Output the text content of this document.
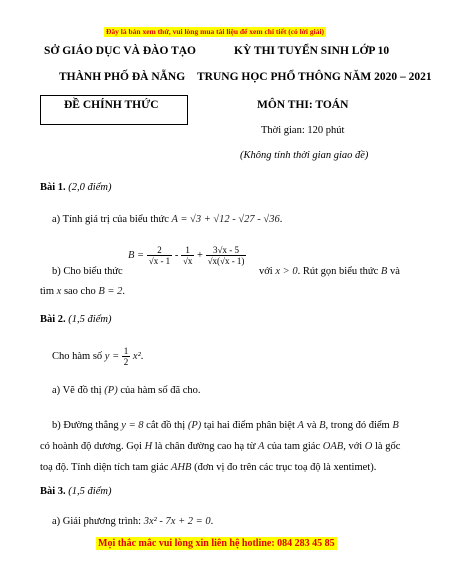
Đây là bản xem thử, vui lòng mua tài liệu để xem chi tiết (có lời giải)
SỞ GIÁO DỤC VÀ ĐÀO TẠO
THÀNH PHỐ ĐÀ NẴNG
KỲ THI TUYỂN SINH LỚP 10
TRUNG HỌC PHỔ THÔNG NĂM 2020 – 2021
ĐỀ CHÍNH THỨC	MÔN THI: TOÁN
Thời gian: 120 phút
(Không tính thời gian giao đề)
Bài 1. (2,0 điểm)
a) Tính giá trị của biểu thức A = √3 + √12 - √27 - √36.
$B = \frac{2}{√x - 1} - \frac{1}{√x} + \frac{3√x - 5}{√x(√x - 1)}$
b) Cho biểu thức	với x > 0. Rút gọn biểu thức B và
tìm x sao cho B = 2.
Bài 2. (1,5 điểm)
Cho hàm số $y = \frac{1}{2} x^2$.
a) Vẽ đồ thị (P) của hàm số đã cho.
b) Đường thẳng y = 8 cắt đồ thị (P) tại hai điểm phân biệt A và B, trong đó điểm B
có hoành độ dương. Gọi H là chân đường cao hạ từ A của tam giác OAB, với O là gốc
toạ độ. Tính diện tích tam giác AHB (đơn vị đo trên các trục toạ độ là xentimet).
Bài 3. (1,5 điểm)
a) Giải phương trình: 3x² - 7x + 2 = 0.
Mọi thắc mắc vui lòng xin liên hệ hotline: 084 283 45 85
